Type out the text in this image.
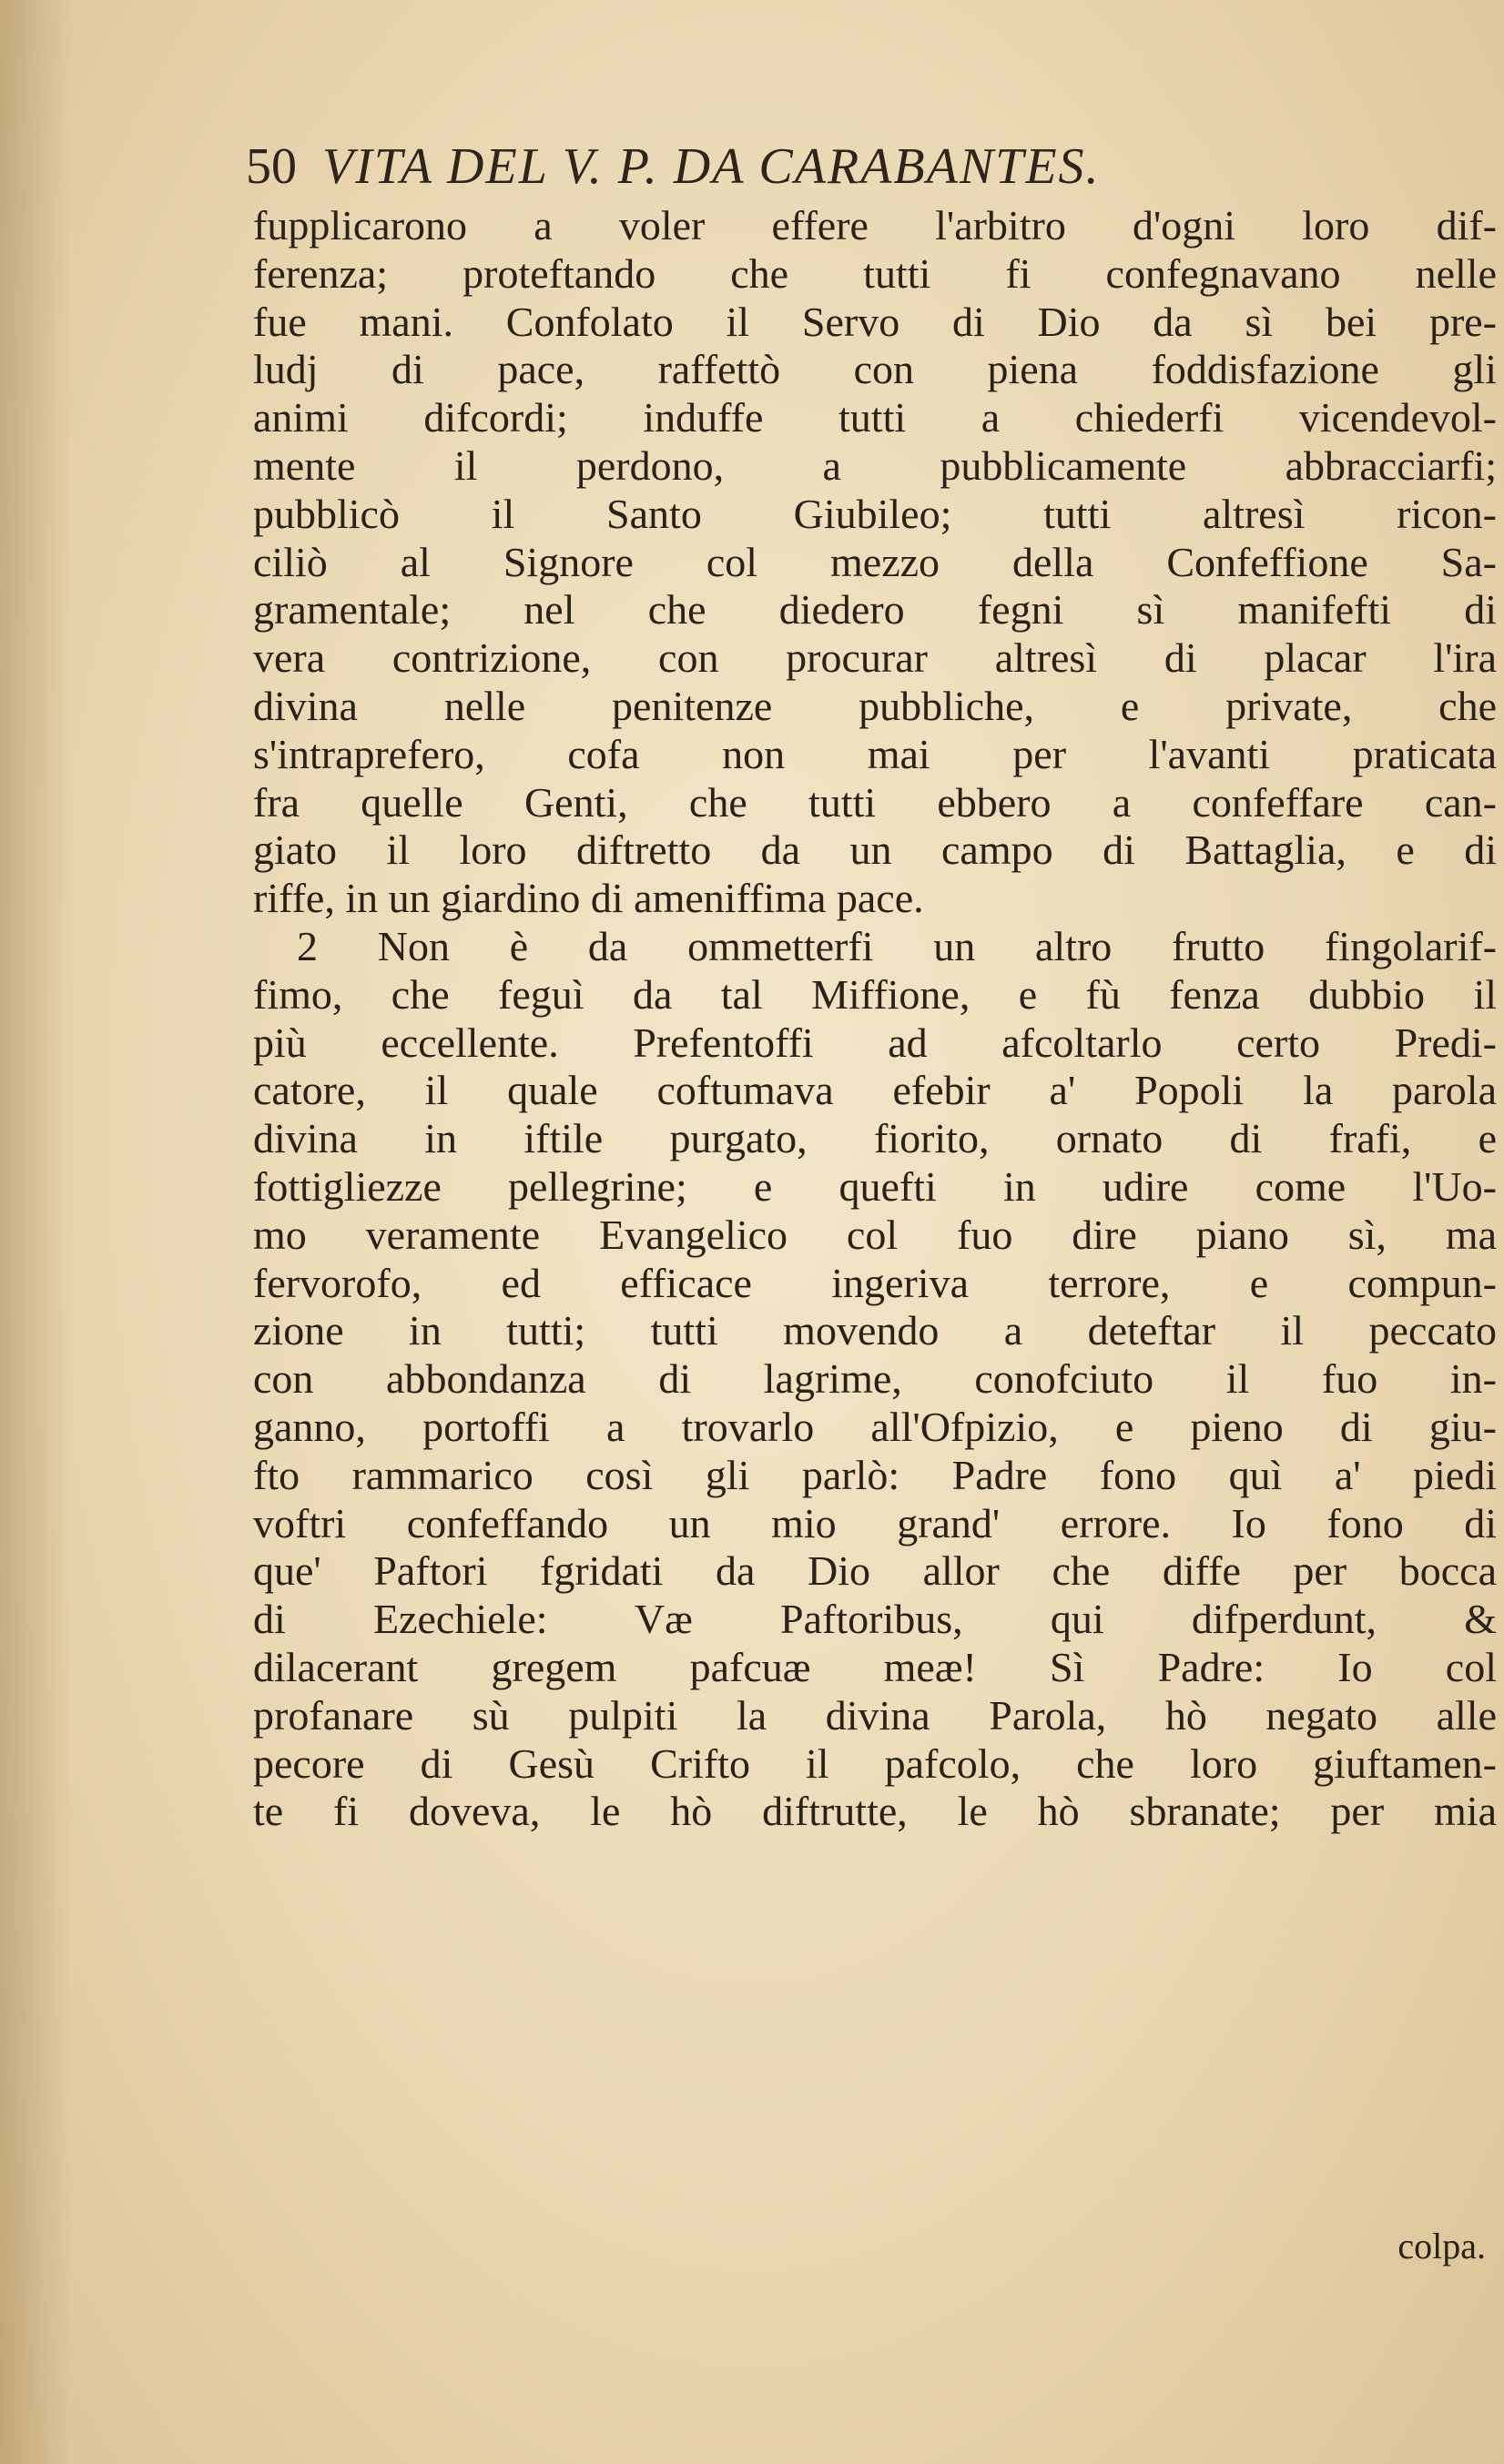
50 VITA DEL V. P. DA CARABANTES.
fupplicarono a voler effere l'arbitro d'ogni loro dif-
ferenza; proteftando che tutti fi confegnavano nelle
fue mani. Confolato il Servo di Dio da sì bei pre-
ludj di pace, raffettò con piena foddisfazione gli
animi difcordi; induffe tutti a chiederfi vicendevol-
mente il perdono, a pubblicamente abbracciarfi;
pubblicò il Santo Giubileo; tutti altresì ricon-
ciliò al Signore col mezzo della Confeffione Sa-
gramentale; nel che diedero fegni sì manifefti di
vera contrizione, con procurar altresì di placar l'ira
divina nelle penitenze pubbliche, e private, che
s'intraprefero, cofa non mai per l'avanti praticata
fra quelle Genti, che tutti ebbero a confeffare can-
giato il loro diftretto da un campo di Battaglia, e di
riffe, in un giardino di ameniffima pace.
2 Non è da ommetterfi un altro frutto fingolarif-
fimo, che feguì da tal Miffione, e fù fenza dubbio il
più eccellente. Prefentoffi ad afcoltarlo certo Predi-
catore, il quale coftumava efebir a' Popoli la parola
divina in iftile purgato, fiorito, ornato di frafi, e
fottigliezze pellegrine; e quefti in udire come l'Uo-
mo veramente Evangelico col fuo dire piano sì, ma
fervorofo, ed efficace ingeriva terrore, e compun-
zione in tutti; tutti movendo a deteftar il peccato
con abbondanza di lagrime, conofciuto il fuo in-
ganno, portoffi a trovarlo all'Ofpizio, e pieno di giu-
fto rammarico così gli parlò: Padre fono quì a' piedi
voftri confeffando un mio grand' errore. Io fono di
que' Paftori fgridati da Dio allor che diffe per bocca
di Ezechiele: Væ Paftoribus, qui difperdunt, &
dilacerant gregem pafcuæ meæ! Sì Padre: Io col
profanare sù pulpiti la divina Parola, hò negato alle
pecore di Gesù Crifto il pafcolo, che loro giuftamen-
te fi doveva, le hò diftrutte, le hò sbranate; per mia
colpa.
